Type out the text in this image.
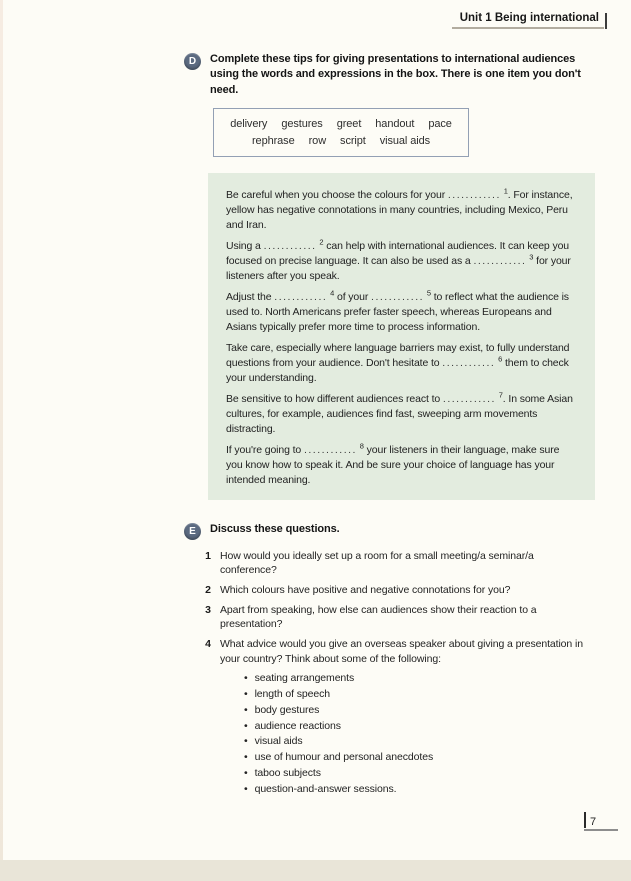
Unit 1 Being international
D	Complete these tips for giving presentations to international audiences using the words and expressions in the box. There is one item you don't need.

delivery gestures greet handout pace
rephrase row script visual aids

Be careful when you choose the colours for your ............ $^1$. For instance, yellow has negative connotations in many countries, including Mexico, Peru and Iran.

Using a ............ $^2$ can help with international audiences. It can keep you focused on precise language. It can also be used as a ............ $^3$ for your listeners after you speak.

Adjust the ............ $^4$ of your ............ $^5$ to reflect what the audience is used to. North Americans prefer faster speech, whereas Europeans and Asians typically prefer more time to process information.

Take care, especially where language barriers may exist, to fully understand questions from your audience. Don't hesitate to ............ $^6$ them to check your understanding.

Be sensitive to how different audiences react to ............ $^7$. In some Asian cultures, for example, audiences find fast, sweeping arm movements distracting.

If you're going to ............ $^8$ your listeners in their language, make sure you know how to speak it. And be sure your choice of language has your intended meaning.

E	Discuss these questions.

1 How would you ideally set up a room for a small meeting/a seminar/a conference?

2 Which colours have positive and negative connotations for you?

3 Apart from speaking, how else can audiences show their reaction to a presentation?

4 What advice would you give an overseas speaker about giving a presentation in your country? Think about some of the following:

• seating arrangements
• length of speech
• body gestures
• audience reactions
• visual aids
• use of humour and personal anecdotes
• taboo subjects
• question-and-answer sessions.
7
